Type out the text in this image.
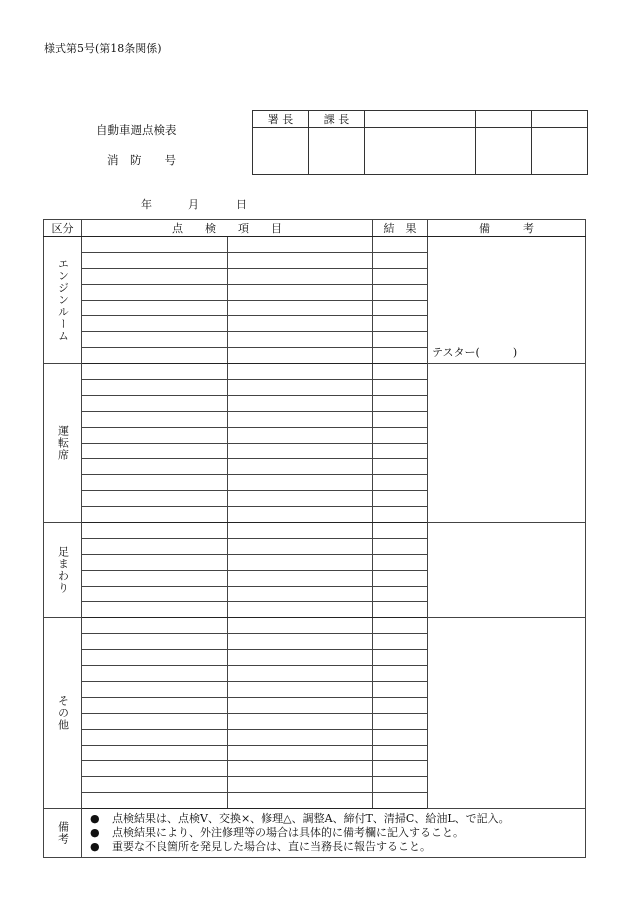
様式第5号(第18条関係)
自動車週点検表
消　防　　号
年	月	日
署 長	課 長			

区分	点　　検　　項　　目		結　果	備　　　考

エンジンルーム				テスター(　　　)

運転席				

足まわり				

その他				

備考	● 点検結果は、点検V、交換×、修理△、調整A、締付T、清掃C、給油L、で記入。
● 点検結果により、外注修理等の場合は具体的に備考欄に記入すること。
● 重要な不良箇所を発見した場合は、直に当務長に報告すること。			
